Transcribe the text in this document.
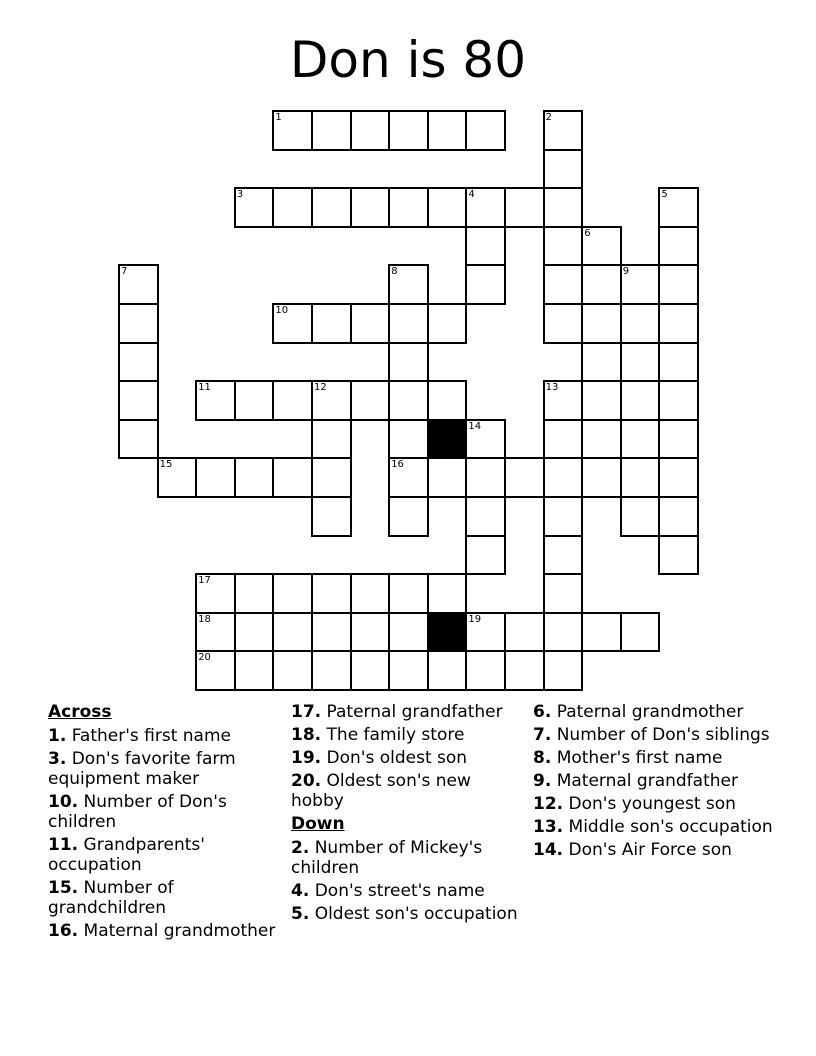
Don is 80
1	2
3	4	5
6
7	8	9
10
11	12	13
14
15	16
17
18	19
20
Across
1. Father's first name
3. Don's favorite farm equipment maker
10. Number of Don's children
11. Grandparents' occupation
15. Number of grandchildren
16. Maternal grandmother
17. Paternal grandfather
18. The family store
19. Don's oldest son
20. Oldest son's new hobby
Down
2. Number of Mickey's children
4. Don's street's name
5. Oldest son's occupation
6. Paternal grandmother
7. Number of Don's siblings
8. Mother's first name
9. Maternal grandfather
12. Don's youngest son
13. Middle son's occupation
14. Don's Air Force son
